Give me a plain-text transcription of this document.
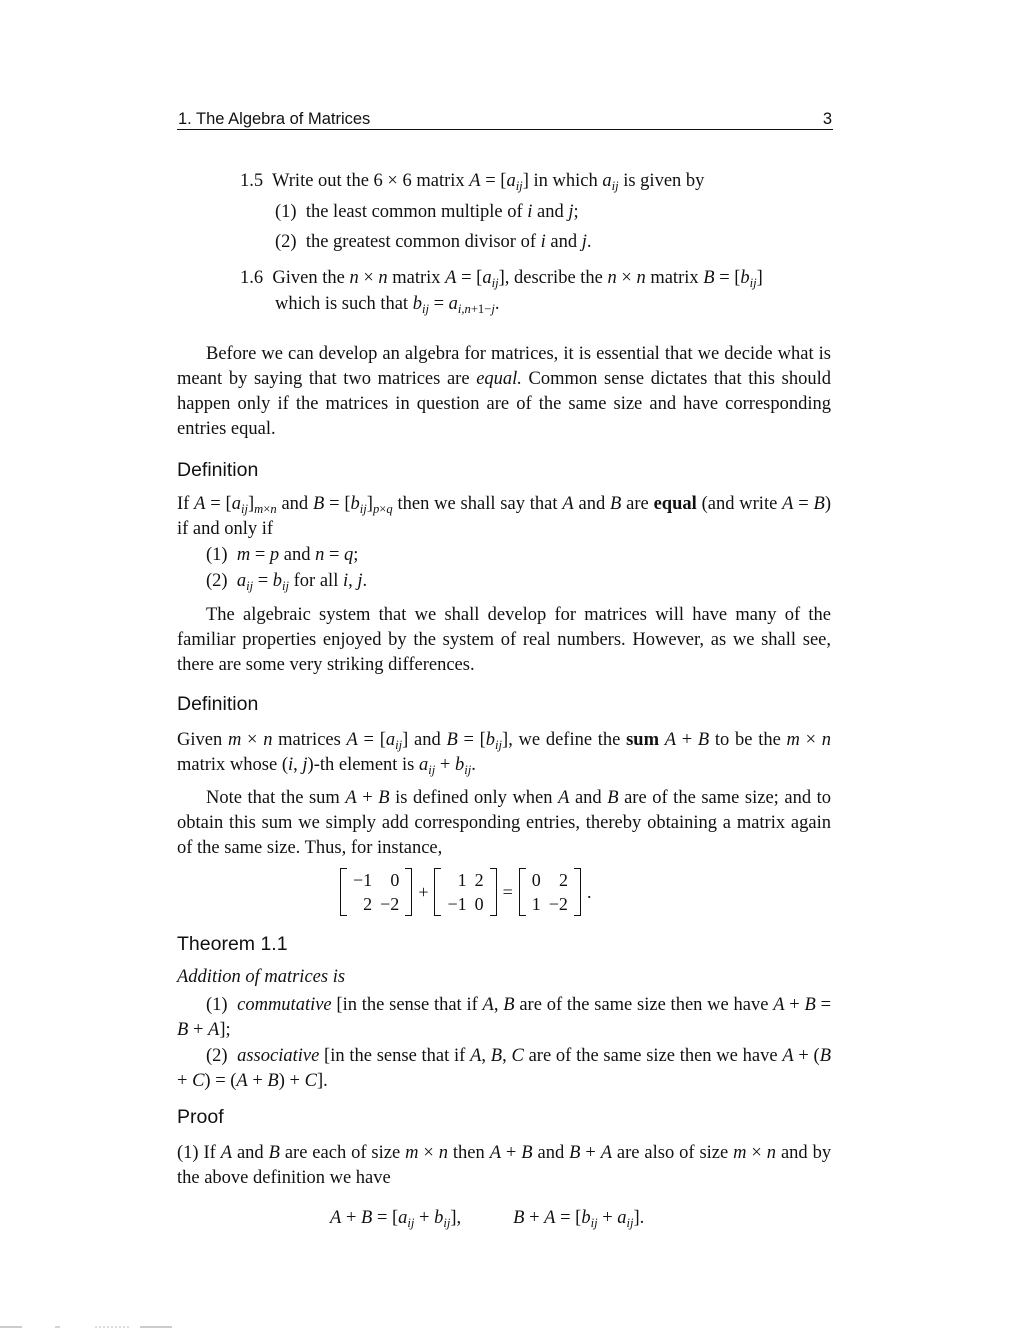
1. The Algebra of Matrices	3
1.5 Write out the 6 × 6 matrix $A = [a_{ij}]$ in which $a_{ij}$ is given by
(1) the least common multiple of i and j;
(2) the greatest common divisor of i and j.
1.6 Given the n × n matrix $A = [a_{ij}]$, describe the n × n matrix $B = [b_{ij}]$
which is such that $b_{ij} = a_{i,n+1-j}$.

Before we can develop an algebra for matrices, it is essential that we decide what is meant by saying that two matrices are equal. Common sense dictates that this should happen only if the matrices in question are of the same size and have corresponding entries equal.

Definition

If $A = [a_{ij}]_{m\times n}$ and $B = [b_{ij}]_{p\times q}$ then we shall say that A and B are equal (and write A = B) if and only if

(1) m = p and n = q;
(2) $a_{ij} = b_{ij}$ for all i, j.

The algebraic system that we shall develop for matrices will have many of the familiar properties enjoyed by the system of real numbers. However, as we shall see, there are some very striking differences.

Definition

Given m × n matrices $A = [a_{ij}]$ and $B = [b_{ij}]$, we define the sum A + B to be the m × n matrix whose (i, j)-th element is $a_{ij} + b_{ij}$.

Note that the sum A + B is defined only when A and B are of the same size; and to obtain this sum we simply add corresponding entries, thereby obtaining a matrix again of the same size. Thus, for instance,

−1	0
2	−2
+
1	2
−1	0
=
0	2
1	−2
.
Theorem 1.1
Addition of matrices is

(1) commutative [in the sense that if A, B are of the same size then we have A + B = B + A];

(2) associative [in the sense that if A, B, C are of the same size then we have A + (B + C) = (A + B) + C].

Proof

(1) If A and B are each of size m × n then A + B and B + A are also of size m × n and by the above definition we have

$A + B = [a_{ij} + b_{ij}]$,	$B + A = [b_{ij} + a_{ij}]$.
